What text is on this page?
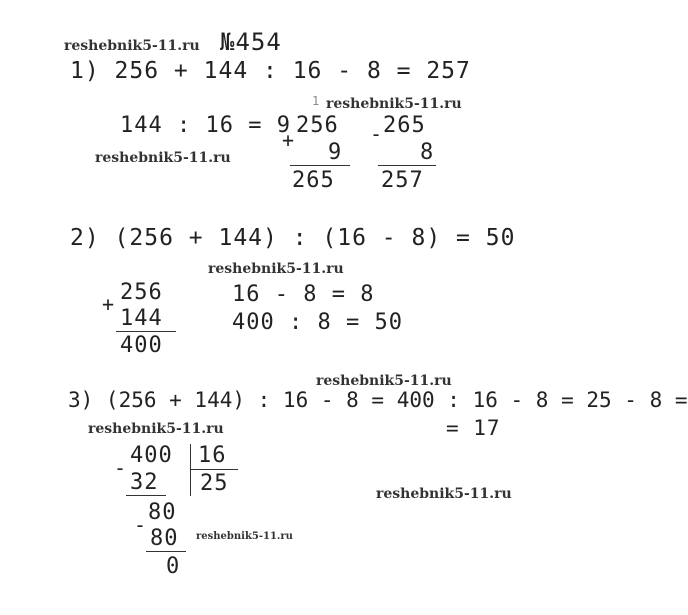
reshebnik5-11.ru №454
1) 256 + 144 : 16 - 8 = 257
1 reshebnik5-11.ru
144 : 16 = 9
+
256
9
265
- 265
8
257
reshebnik5-11.ru
2) (256 + 144) : (16 - 8) = 50
reshebnik5-11.ru
+ 256
144
400
16 - 8 = 8
400 : 8 = 50
reshebnik5-11.ru
3) (256 + 144) : 16 - 8 = 400 : 16 - 8 = 25 - 8 =
= 17
reshebnik5-11.ru
- 400 16
32 25
- 80
80
0
reshebnik5-11.ru
reshebnik5-11.ru
